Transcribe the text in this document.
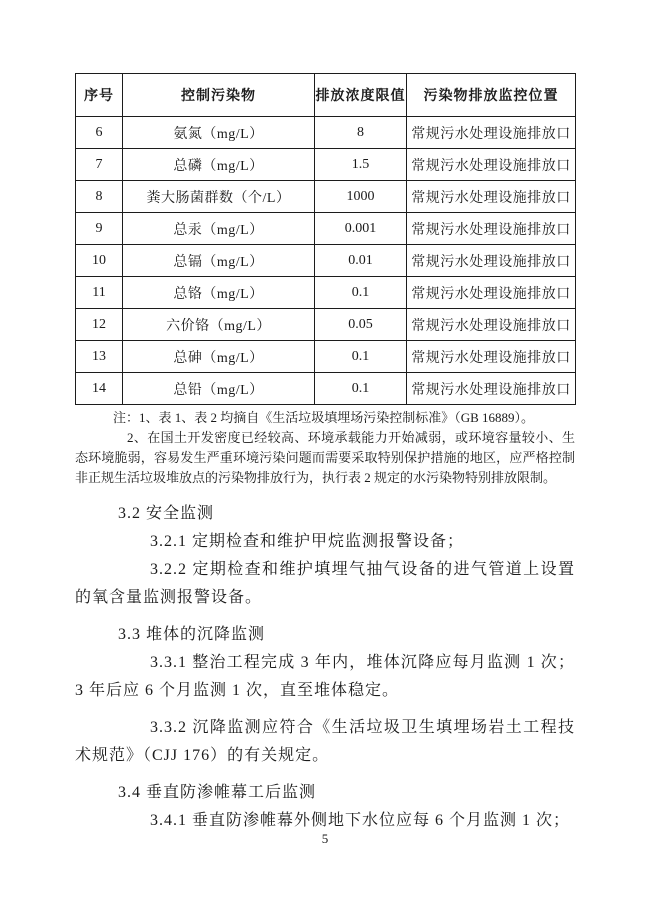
序号	控制污染物	排放浓度限值	污染物排放监控位置
6	氨氮（mg/L）	8	常规污水处理设施排放口
7	总磷（mg/L）	1.5	常规污水处理设施排放口
8	粪大肠菌群数（个/L）	1000	常规污水处理设施排放口
9	总汞（mg/L）	0.001	常规污水处理设施排放口
10	总镉（mg/L）	0.01	常规污水处理设施排放口
11	总铬（mg/L）	0.1	常规污水处理设施排放口
12	六价铬（mg/L）	0.05	常规污水处理设施排放口
13	总砷（mg/L）	0.1	常规污水处理设施排放口
14	总铅（mg/L）	0.1	常规污水处理设施排放口
注：1、表 1、表 2 均摘自《生活垃圾填埋场污染控制标准》（GB 16889）。
2、在国土开发密度已经较高、环境承载能力开始减弱，或环境容量较小、生态环境脆弱，容易发生严重环境污染问题而需要采取特别保护措施的地区，应严格控制非正规生活垃圾堆放点的污染物排放行为，执行表 2 规定的水污染物特别排放限制。
3.2 安全监测
3.2.1 定期检查和维护甲烷监测报警设备；
3.2.2 定期检查和维护填埋气抽气设备的进气管道上设置的氧含量监测报警设备。
3.3 堆体的沉降监测
3.3.1 整治工程完成 3 年内，堆体沉降应每月监测 1 次；3 年后应 6 个月监测 1 次，直至堆体稳定。
3.3.2 沉降监测应符合《生活垃圾卫生填埋场岩土工程技术规范》（CJJ 176）的有关规定。
3.4 垂直防渗帷幕工后监测
3.4.1 垂直防渗帷幕外侧地下水位应每 6 个月监测 1 次；
5
